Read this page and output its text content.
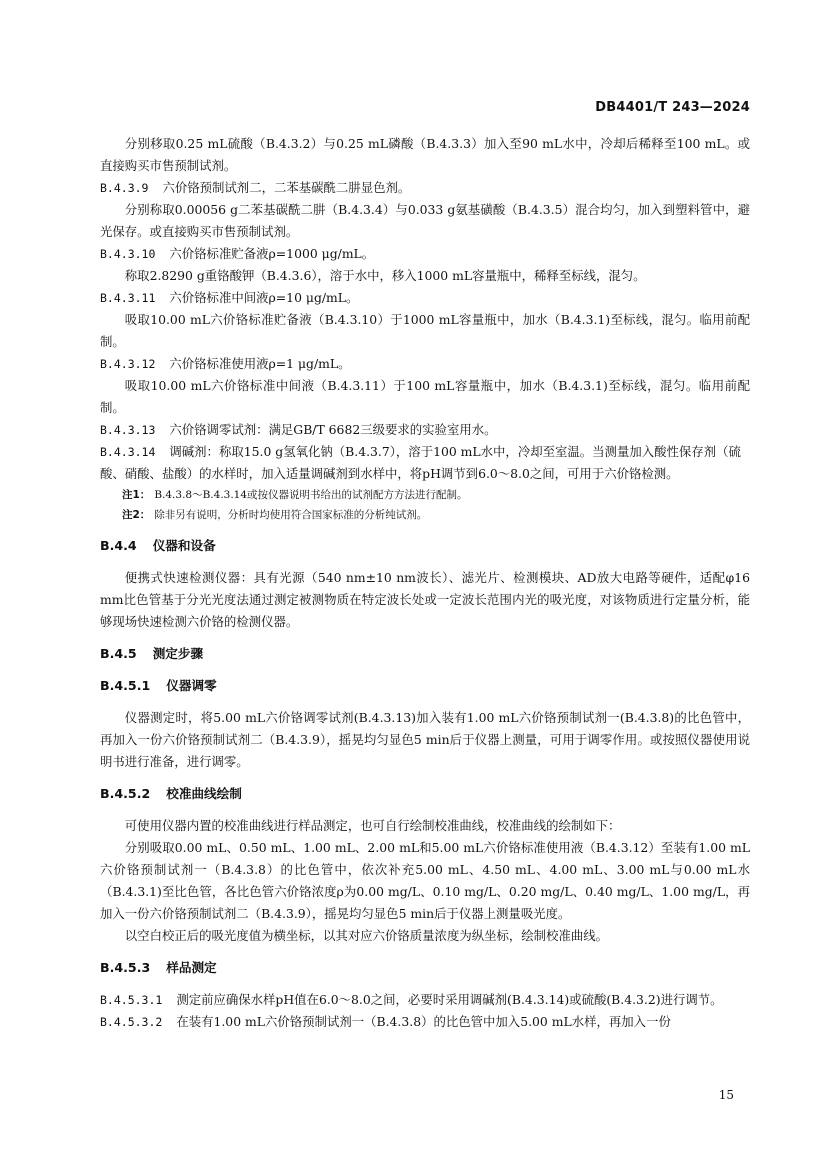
DB4401/T 243—2024

分别移取0.25 mL硫酸（B.4.3.2）与0.25 mL磷酸（B.4.3.3）加入至90 mL水中，冷却后稀释至100 mL。或直接购买市售预制试剂。

B.4.3.9 六价铬预制试剂二，二苯基碳酰二肼显色剂。

分别称取0.00056 g二苯基碳酰二肼（B.4.3.4）与0.033 g氨基磺酸（B.4.3.5）混合均匀，加入到塑料管中，避光保存。或直接购买市售预制试剂。

B.4.3.10 六价铬标准贮备液ρ=1000 μg/mL。

称取2.8290 g重铬酸钾（B.4.3.6），溶于水中，移入1000 mL容量瓶中，稀释至标线，混匀。

B.4.3.11 六价铬标准中间液ρ=10 μg/mL。

吸取10.00 mL六价铬标准贮备液（B.4.3.10）于1000 mL容量瓶中，加水（B.4.3.1)至标线，混匀。临用前配制。

B.4.3.12 六价铬标准使用液ρ=1 μg/mL。

吸取10.00 mL六价铬标准中间液（B.4.3.11）于100 mL容量瓶中，加水（B.4.3.1)至标线，混匀。临用前配制。

B.4.3.13 六价铬调零试剂：满足GB/T 6682三级要求的实验室用水。

B.4.3.14 调碱剂：称取15.0 g氢氧化钠（B.4.3.7），溶于100 mL水中，冷却至室温。当测量加入酸性保存剂（硫酸、硝酸、盐酸）的水样时，加入适量调碱剂到水样中，将pH调节到6.0～8.0之间，可用于六价铬检测。

注1： B.4.3.8～B.4.3.14或按仪器说明书给出的试剂配方方法进行配制。

注2： 除非另有说明，分析时均使用符合国家标准的分析纯试剂。

B.4.4 仪器和设备

便携式快速检测仪器：具有光源（540 nm±10 nm波长）、滤光片、检测模块、AD放大电路等硬件，适配φ16 mm比色管基于分光光度法通过测定被测物质在特定波长处或一定波长范围内光的吸光度，对该物质进行定量分析，能够现场快速检测六价铬的检测仪器。

B.4.5 测定步骤

B.4.5.1 仪器调零

仪器测定时，将5.00 mL六价铬调零试剂(B.4.3.13)加入装有1.00 mL六价铬预制试剂一(B.4.3.8)的比色管中，再加入一份六价铬预制试剂二（B.4.3.9），摇晃均匀显色5 min后于仪器上测量，可用于调零作用。或按照仪器使用说明书进行准备，进行调零。

B.4.5.2 校准曲线绘制

可使用仪器内置的校准曲线进行样品测定，也可自行绘制校准曲线，校准曲线的绘制如下：

分别吸取0.00 mL、0.50 mL、1.00 mL、2.00 mL和5.00 mL六价铬标准使用液（B.4.3.12）至装有1.00 mL六价铬预制试剂一（B.4.3.8）的比色管中，依次补充5.00 mL、4.50 mL、4.00 mL、3.00 mL与0.00 mL水（B.4.3.1)至比色管，各比色管六价铬浓度ρ为0.00 mg/L、0.10 mg/L、0.20 mg/L、0.40 mg/L、1.00 mg/L，再加入一份六价铬预制试剂二（B.4.3.9），摇晃均匀显色5 min后于仪器上测量吸光度。

以空白校正后的吸光度值为横坐标，以其对应六价铬质量浓度为纵坐标，绘制校准曲线。

B.4.5.3 样品测定

B.4.5.3.1 测定前应确保水样pH值在6.0～8.0之间，必要时采用调碱剂(B.4.3.14)或硫酸(B.4.3.2)进行调节。

B.4.5.3.2 在装有1.00 mL六价铬预制试剂一（B.4.3.8）的比色管中加入5.00 mL水样，再加入一份

15
